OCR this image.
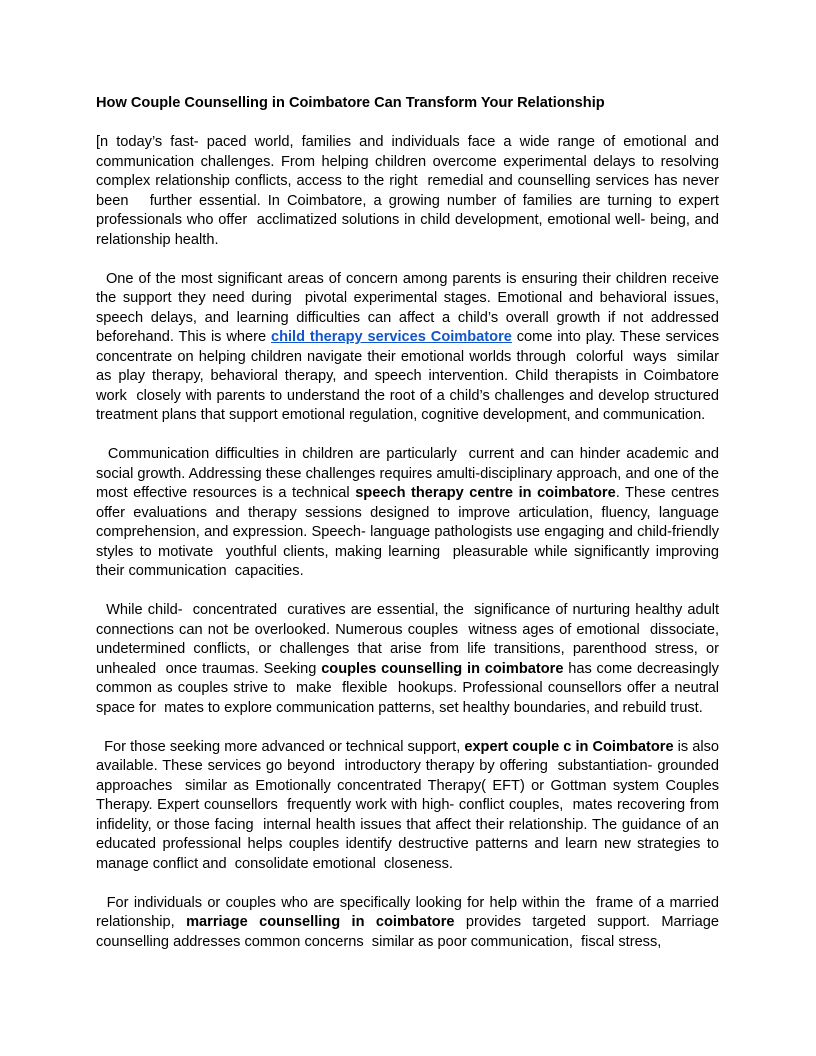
How Couple Counselling in Coimbatore Can Transform Your Relationship

[n today’s fast- paced world, families and individuals face a wide range of emotional and communication challenges. From helping children overcome experimental delays to resolving complex relationship conflicts, access to the right  remedial and counselling services has never been   further essential. In Coimbatore, a growing number of families are turning to expert professionals who offer  acclimatized solutions in child development, emotional well- being, and relationship health.

One of the most significant areas of concern among parents is ensuring their children receive the support they need during  pivotal experimental stages. Emotional and behavioral issues, speech delays, and learning difficulties can affect a child’s overall growth if not addressed beforehand. This is where child therapy services Coimbatore come into play. These services concentrate on helping children navigate their emotional worlds through  colorful  ways  similar as play therapy, behavioral therapy, and speech intervention. Child therapists in Coimbatore work  closely with parents to understand the root of a child’s challenges and develop structured treatment plans that support emotional regulation, cognitive development, and communication.

Communication difficulties in children are particularly  current and can hinder academic and social growth. Addressing these challenges requires amulti-disciplinary approach, and one of the most effective resources is a technical speech therapy centre in coimbatore. These centres offer evaluations and therapy sessions designed to improve articulation, fluency, language comprehension, and expression. Speech- language pathologists use engaging and child-friendly  styles to motivate  youthful clients, making learning  pleasurable while significantly improving their communication  capacities.

While child-  concentrated  curatives are essential, the  significance of nurturing healthy adult connections can not be overlooked. Numerous couples  witness ages of emotional  dissociate, undetermined conflicts, or challenges that arise from life transitions, parenthood stress, or unhealed  once traumas. Seeking couples counselling in coimbatore has come decreasingly common as couples strive to  make  flexible  hookups. Professional counsellors offer a neutral space for  mates to explore communication patterns, set healthy boundaries, and rebuild trust.

For those seeking more advanced or technical support, expert couple c in Coimbatore is also available. These services go beyond  introductory therapy by offering  substantiation- grounded approaches  similar as Emotionally concentrated Therapy( EFT) or Gottman system Couples Therapy. Expert counsellors  frequently work with high- conflict couples,  mates recovering from infidelity, or those facing  internal health issues that affect their relationship. The guidance of an educated professional helps couples identify destructive patterns and learn new strategies to manage conflict and  consolidate emotional  closeness.

For individuals or couples who are specifically looking for help within the  frame of a married relationship, marriage counselling in coimbatore provides targeted support. Marriage counselling addresses common concerns  similar as poor communication,  fiscal stress,
